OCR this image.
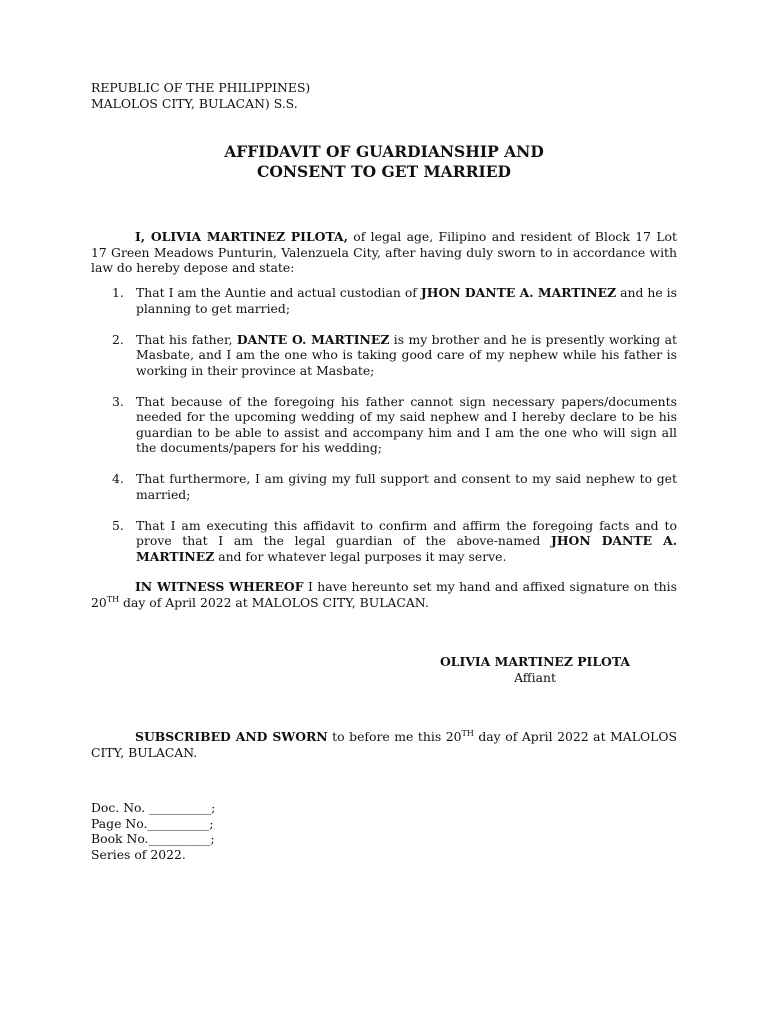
REPUBLIC OF THE PHILIPPINES)
MALOLOS CITY, BULACAN) S.S.
AFFIDAVIT OF GUARDIANSHIP AND
CONSENT TO GET MARRIED

I, OLIVIA MARTINEZ PILOTA, of legal age, Filipino and resident of Block 17 Lot 17 Green Meadows Punturin, Valenzuela City, after having duly sworn to in accordance with law do hereby depose and state:

1. That I am the Auntie and actual custodian of JHON DANTE A. MARTINEZ and he is planning to get married;
2. That his father, DANTE O. MARTINEZ is my brother and he is presently working at Masbate, and I am the one who is taking good care of my nephew while his father is working in their province at Masbate;
3. That because of the foregoing his father cannot sign necessary papers/documents needed for the upcoming wedding of my said nephew and I hereby declare to be his guardian to be able to assist and accompany him and I am the one who will sign all the documents/papers for his wedding;
4. That furthermore, I am giving my full support and consent to my said nephew to get married;
5. That I am executing this affidavit to confirm and affirm the foregoing facts and to prove that I am the legal guardian of the above-named JHON DANTE A. MARTINEZ and for whatever legal purposes it may serve.

IN WITNESS WHEREOF I have hereunto set my hand and affixed signature on this 20TH day of April 2022 at MALOLOS CITY, BULACAN.

OLIVIA MARTINEZ PILOTA
Affiant

SUBSCRIBED AND SWORN to before me this 20TH day of April 2022 at MALOLOS CITY, BULACAN.

Doc. No. __________;
Page No.__________;
Book No.__________;
Series of 2022.
